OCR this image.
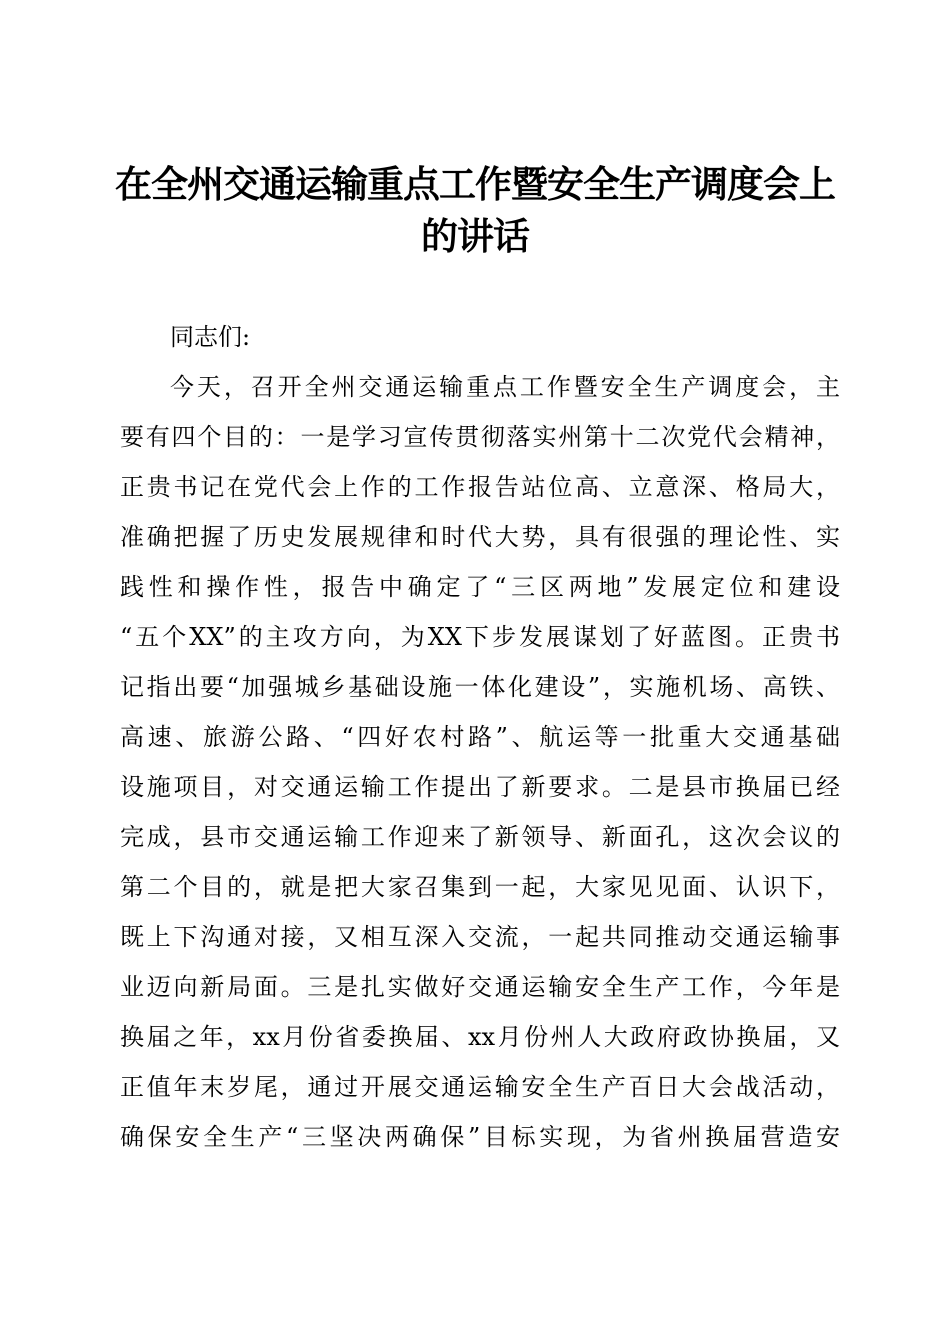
在全州交通运输重点工作暨安全生产调度会上
的讲话
同志们:
今天，召开全州交通运输重点工作暨安全生产调度会，主
要有四个目的：一是学习宣传贯彻落实州第十二次党代会精神，
正贵书记在党代会上作的工作报告站位高、立意深、格局大，
准确把握了历史发展规律和时代大势，具有很强的理论性、实
践性和操作性，报告中确定了“三区两地”发展定位和建设
“五个XX”的主攻方向，为XX下步发展谋划了好蓝图。正贵书
记指出要“加强城乡基础设施一体化建设”，实施机场、高铁、
高速、旅游公路、“四好农村路”、航运等一批重大交通基础
设施项目，对交通运输工作提出了新要求。二是县市换届已经
完成，县市交通运输工作迎来了新领导、新面孔，这次会议的
第二个目的，就是把大家召集到一起，大家见见面、认识下，
既上下沟通对接，又相互深入交流，一起共同推动交通运输事
业迈向新局面。三是扎实做好交通运输安全生产工作，今年是
换届之年，xx月份省委换届、xx月份州人大政府政协换届，又
正值年末岁尾，通过开展交通运输安全生产百日大会战活动，
确保安全生产“三坚决两确保”目标实现，为省州换届营造安
